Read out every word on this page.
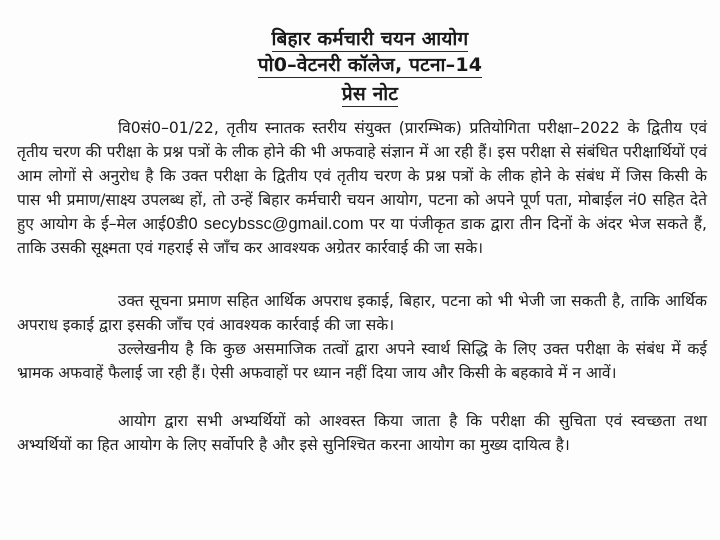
बिहार कर्मचारी चयन आयोग
पो0–वेटनरी कॉलेज, पटना–14
प्रेस नोट

वि0सं0–01/22, तृतीय स्नातक स्तरीय संयुक्त (प्रारम्भिक) प्रतियोगिता परीक्षा–2022 के द्वितीय एवं तृतीय चरण की परीक्षा के प्रश्न पत्रों के लीक होने की भी अफवाहे संज्ञान में आ रही हैं। इस परीक्षा से संबंधित परीक्षार्थियों एवं आम लोगों से अनुरोध है कि उक्त परीक्षा के द्वितीय एवं तृतीय चरण के प्रश्न पत्रों के लीक होने के संबंध में जिस किसी के पास भी प्रमाण/साक्ष्य उपलब्ध हों, तो उन्हें बिहार कर्मचारी चयन आयोग, पटना को अपने पूर्ण पता, मोबाईल नं0 सहित देते हुए आयोग के ई–मेल आई0डी0 secybssc@gmail.com पर या पंजीकृत डाक द्वारा तीन दिनों के अंदर भेज सकते हैं, ताकि उसकी सूक्ष्मता एवं गहराई से जाँच कर आवश्यक अग्रेतर कार्रवाई की जा सके।

उक्त सूचना प्रमाण सहित आर्थिक अपराध इकाई, बिहार, पटना को भी भेजी जा सकती है, ताकि आर्थिक अपराध इकाई द्वारा इसकी जाँच एवं आवश्यक कार्रवाई की जा सके।

उल्लेखनीय है कि कुछ असमाजिक तत्वों द्वारा अपने स्वार्थ सिद्धि के लिए उक्त परीक्षा के संबंध में कई भ्रामक अफवाहें फैलाई जा रही हैं। ऐसी अफवाहों पर ध्यान नहीं दिया जाय और किसी के बहकावे में न आवें।

आयोग द्वारा सभी अभ्यर्थियों को आश्वस्त किया जाता है कि परीक्षा की सुचिता एवं स्वच्छता तथा अभ्यर्थियों का हित आयोग के लिए सर्वोपरि है और इसे सुनिश्चित करना आयोग का मुख्य दायित्व है।
